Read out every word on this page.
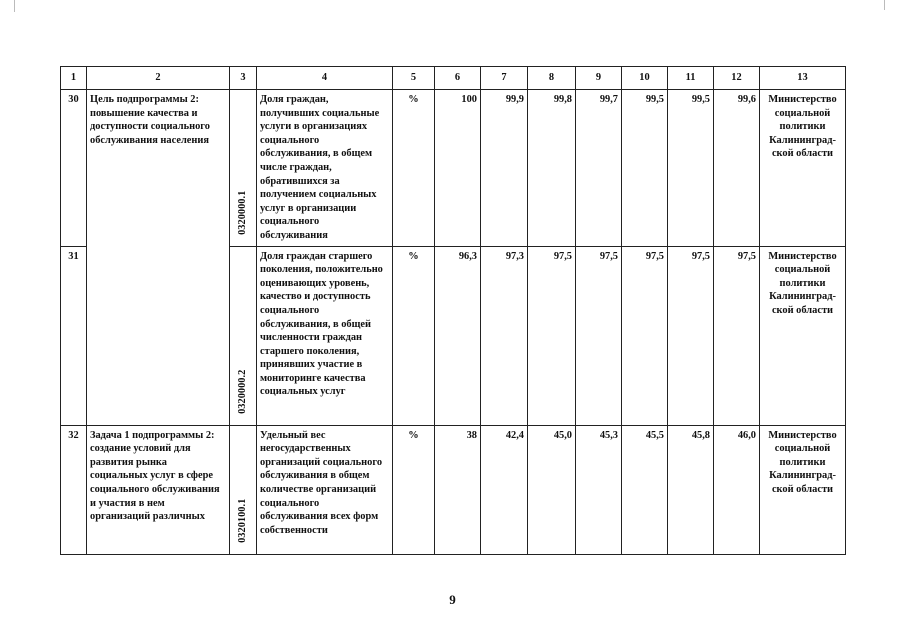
1	2	3	4	5	6	7	8	9	10	11	12	13
30	Цель подпрограммы 2: повышение качества и доступности социального обслуживания населения	0320000.1	Доля граждан, получивших социальные услуги в организациях социального обслуживания, в общем числе граждан, обратившихся за получением социальных услуг в организации социального обслуживания	%	100	99,9	99,8	99,7	99,5	99,5	99,6	Министерство социальной политики Калининград-ской области
31		0320000.2	Доля граждан старшего поколения, положительно оценивающих уровень, качество и доступность социального обслуживания, в общей численности граждан старшего поколения, принявших участие в мониторинге качества социальных услуг	%	96,3	97,3	97,5	97,5	97,5	97,5	97,5	Министерство социальной политики Калининград-ской области
32	Задача 1 подпрограммы 2: создание условий для развития рынка социальных услуг в сфере социального обслуживания и участия в нем организаций различных	0320100.1	Удельный вес негосударственных организаций социального обслуживания в общем количестве организаций социального обслуживания всех форм собственности	%	38	42,4	45,0	45,3	45,5	45,8	46,0	Министерство социальной политики Калининград-ской области
9
